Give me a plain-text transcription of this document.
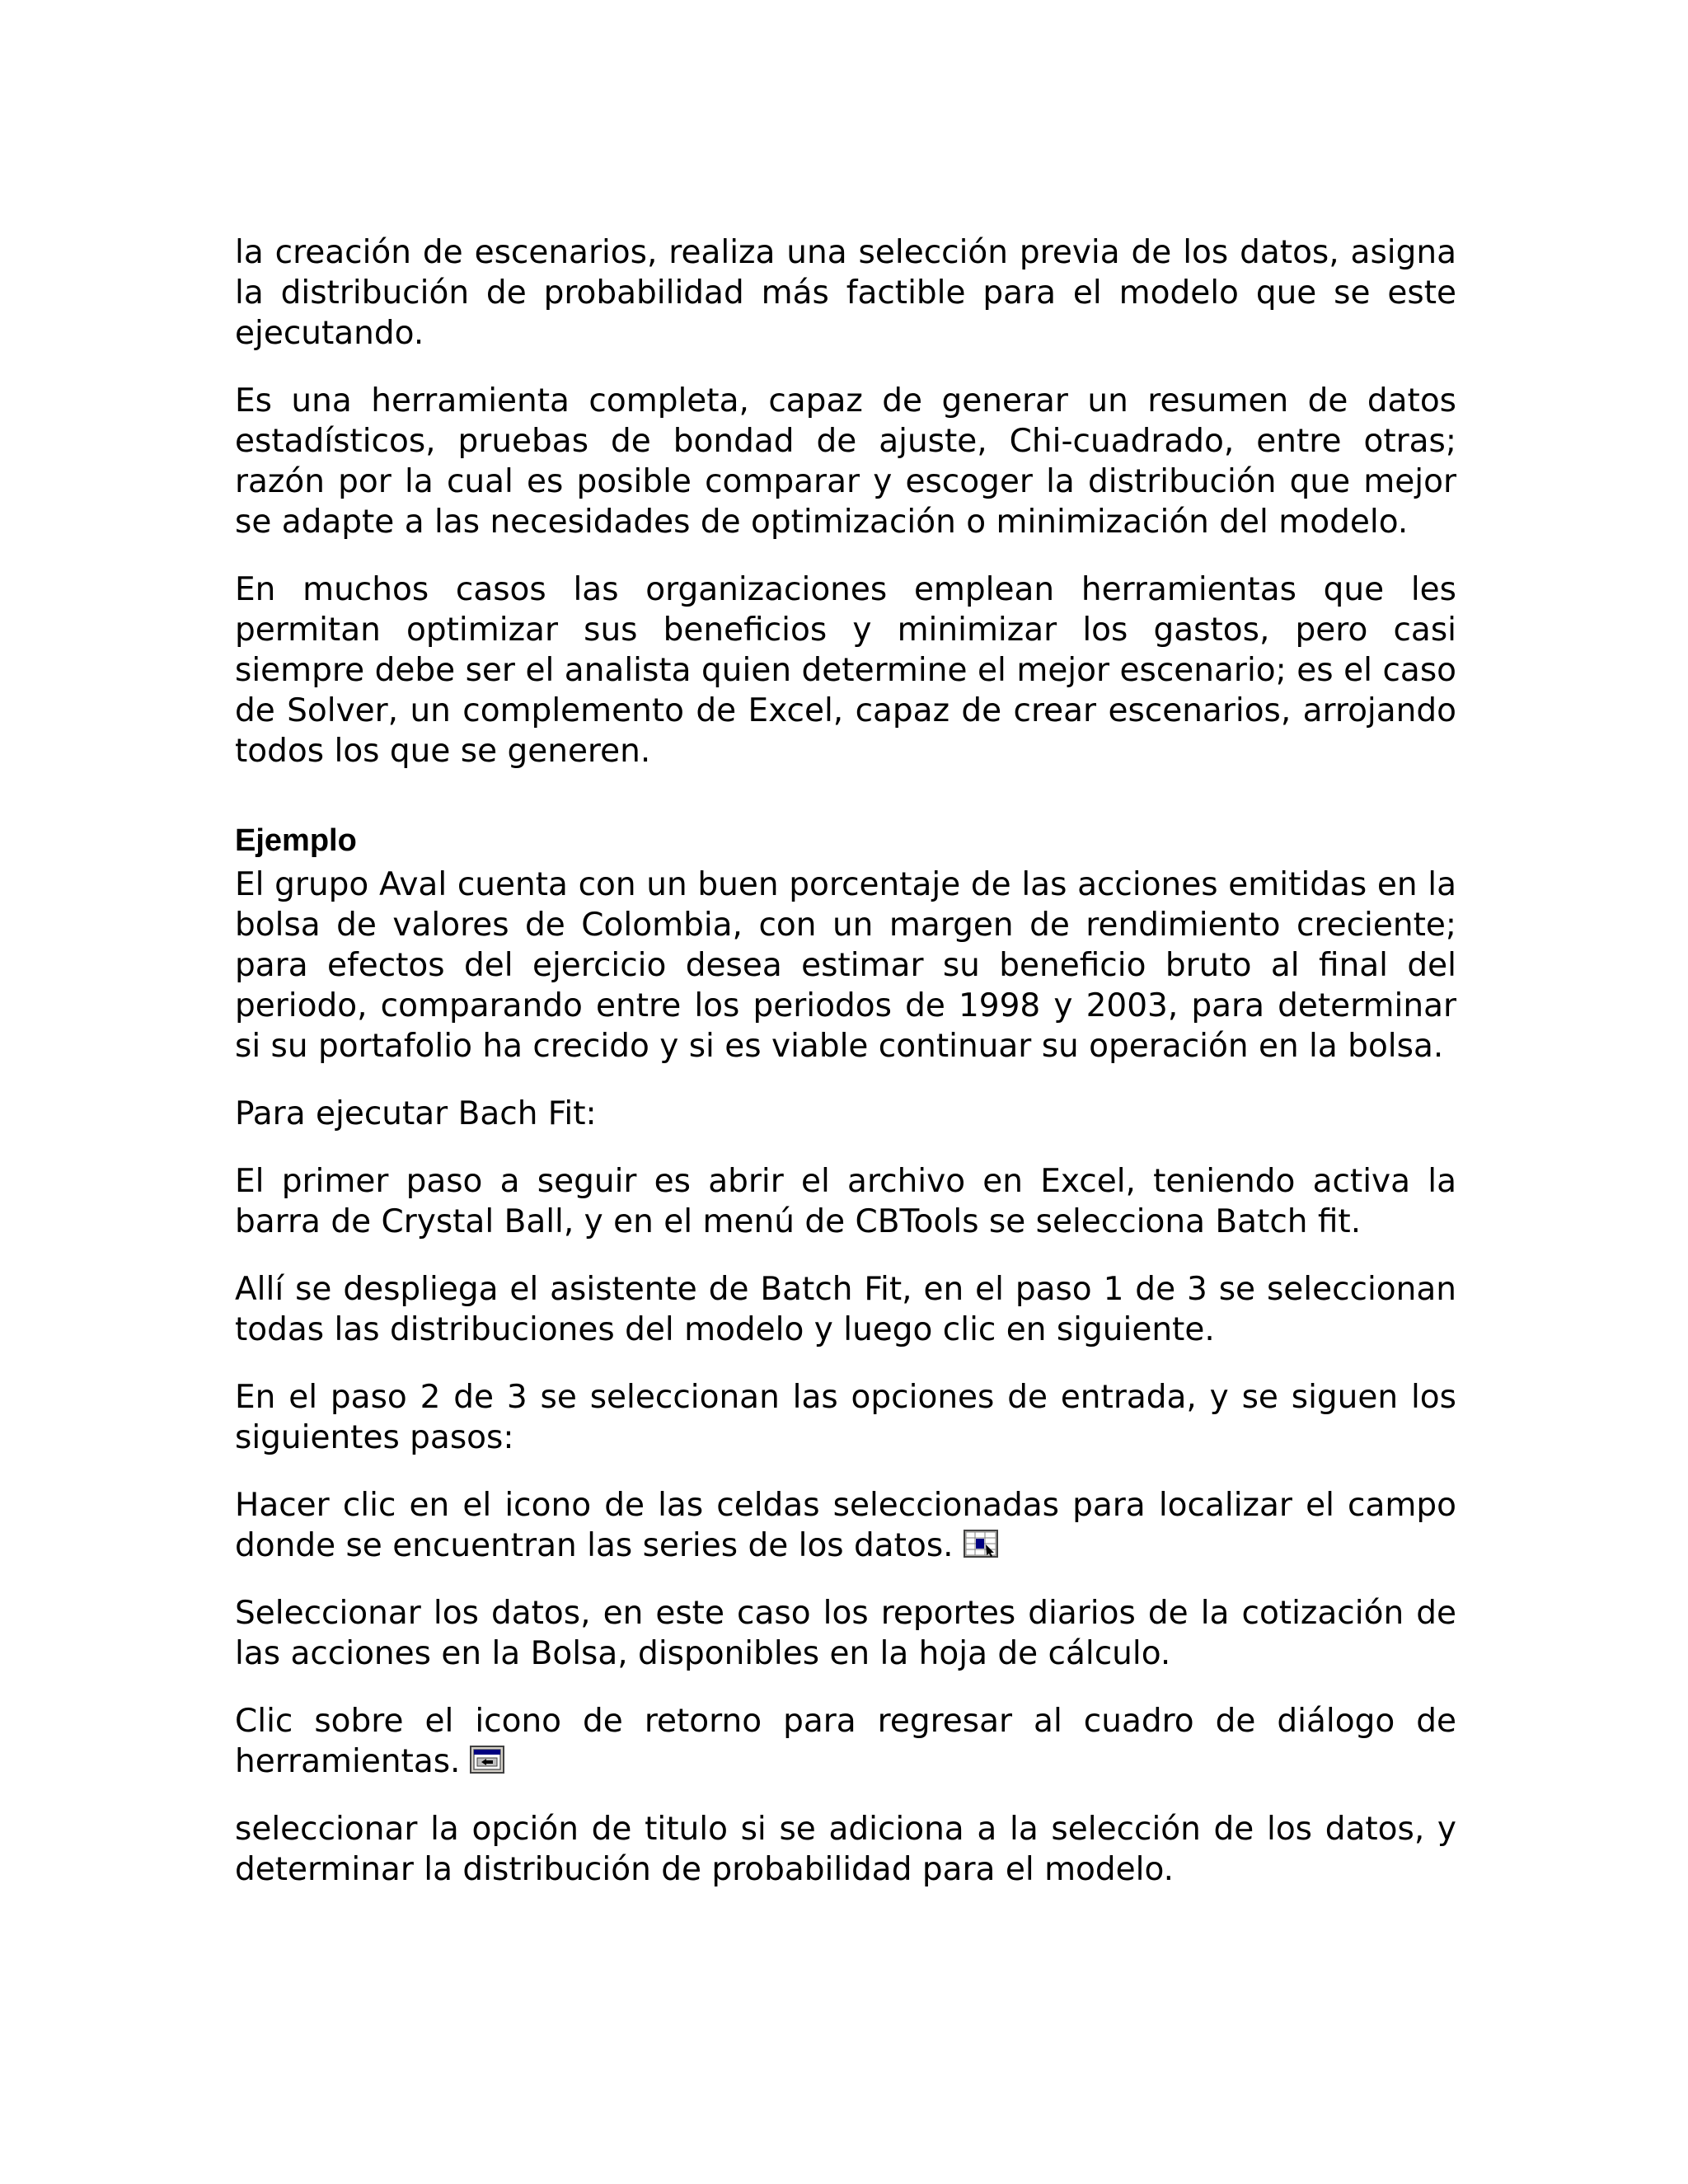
la creación de escenarios, realiza una selección previa de los datos, asigna la distribución de probabilidad más factible para el modelo que se este ejecutando.

Es una herramienta completa, capaz de generar un resumen de datos estadísticos, pruebas de bondad de ajuste, Chi-cuadrado, entre otras; razón por la cual es posible comparar y escoger la distribución que mejor se adapte a las necesidades de optimización o minimización del modelo.

En muchos casos las organizaciones emplean herramientas que les permitan optimizar sus beneficios y minimizar los gastos, pero casi siempre debe ser el analista quien determine el mejor escenario; es el caso de Solver, un complemento de Excel, capaz de crear escenarios, arrojando todos los que se generen.

Ejemplo

El grupo Aval cuenta con un buen porcentaje de las acciones emitidas en la bolsa de valores de Colombia, con un margen de rendimiento creciente; para efectos del ejercicio desea estimar su beneficio bruto al final del periodo, comparando entre los periodos de 1998 y 2003, para determinar si su portafolio ha crecido y si es viable continuar su operación en la bolsa.

Para ejecutar Bach Fit:

El primer paso a seguir es abrir el archivo en Excel, teniendo activa la barra de Crystal Ball, y en el menú de CBTools se selecciona Batch fit.

Allí se despliega el asistente de Batch Fit, en el paso 1 de 3 se seleccionan todas las distribuciones del modelo y luego clic en siguiente.

En el paso 2 de 3 se seleccionan las opciones de entrada, y se siguen los siguientes pasos:

Hacer clic en el icono de las celdas seleccionadas para localizar el campo donde se encuentran las series de los datos.

Seleccionar los datos, en este caso los reportes diarios de la cotización de las acciones en la Bolsa, disponibles en la hoja de cálculo.

Clic sobre el icono de retorno para regresar al cuadro de diálogo de herramientas.

seleccionar la opción de titulo si se adiciona a la selección de los datos, y determinar la distribución de probabilidad para el modelo.
